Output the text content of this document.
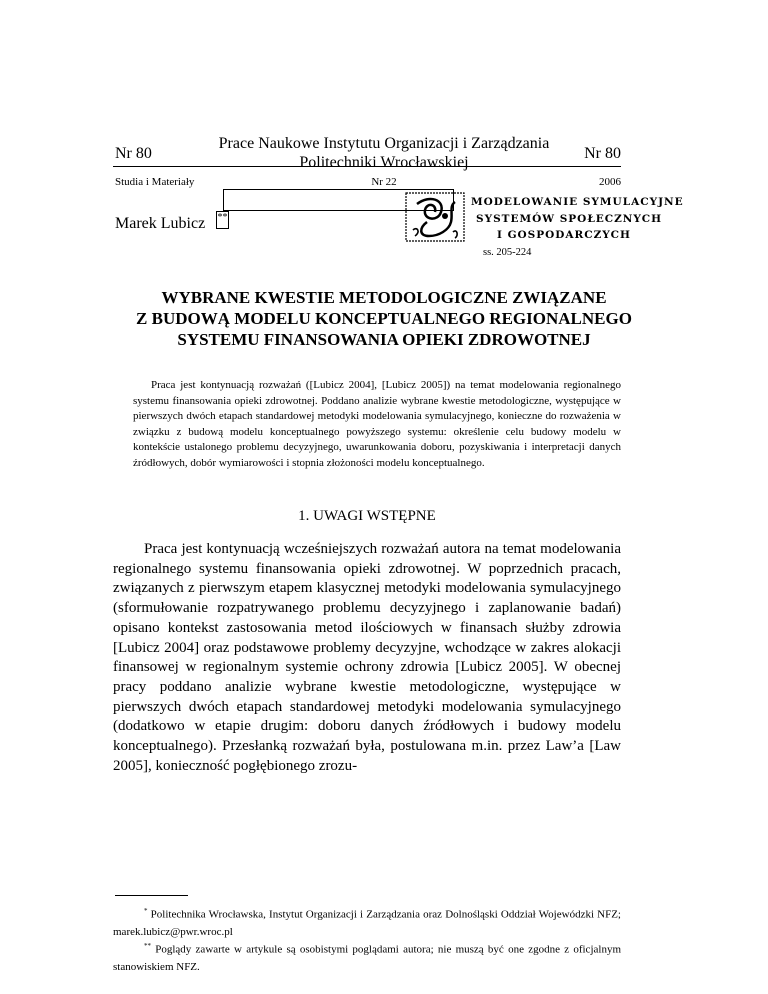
Nr 80
Prace Naukowe Instytutu Organizacji i Zarządzania
Politechniki Wrocławskiej
Nr 80
Studia i Materiały	Nr 22	2006
Marek Lubicz **
MODELOWANIE SYMULACYJNE
SYSTEMÓW SPOŁECZNYCH
I GOSPODARCZYCH
ss. 205-224
WYBRANE KWESTIE METODOLOGICZNE ZWIĄZANE
Z BUDOWĄ MODELU KONCEPTUALNEGO REGIONALNEGO
SYSTEMU FINANSOWANIA OPIEKI ZDROWOTNEJ

Praca jest kontynuacją rozważań ([Lubicz 2004], [Lubicz 2005]) na temat modelowania regionalnego systemu finansowania opieki zdrowotnej. Poddano analizie wybrane kwestie metodologiczne, występujące w pierwszych dwóch etapach standardowej metodyki modelowania symulacyjnego, konieczne do rozważenia w związku z budową modelu konceptualnego powyższego systemu: określenie celu budowy modelu w kontekście ustalonego problemu decyzyjnego, uwarunkowania doboru, pozyskiwania i interpretacji danych źródłowych, dobór wymiarowości i stopnia złożoności modelu konceptualnego.

1. UWAGI WSTĘPNE

Praca jest kontynuacją wcześniejszych rozważań autora na temat modelowania regionalnego systemu finansowania opieki zdrowotnej. W poprzednich pracach, związanych z pierwszym etapem klasycznej metodyki modelowania symulacyjnego (sformułowanie rozpatrywanego problemu decyzyjnego i zaplanowanie badań) opisano kontekst zastosowania metod ilościowych w finansach służby zdrowia [Lubicz 2004] oraz podstawowe problemy decyzyjne, wchodzące w zakres alokacji finansowej w regionalnym systemie ochrony zdrowia [Lubicz 2005]. W obecnej pracy poddano analizie wybrane kwestie metodologiczne, występujące w pierwszych dwóch etapach standardowej metodyki modelowania symulacyjnego (dodatkowo w etapie drugim: doboru danych źródłowych i budowy modelu konceptualnego). Przesłanką rozważań była, postulowana m.in. przez Law’a [Law 2005], konieczność pogłębionego zrozu-

* Politechnika Wrocławska, Instytut Organizacji i Zarządzania oraz Dolnośląski Oddział Wojewódzki NFZ; marek.lubicz@pwr.wroc.pl

** Poglądy zawarte w artykule są osobistymi poglądami autora; nie muszą być one zgodne z oficjalnym stanowiskiem NFZ.
